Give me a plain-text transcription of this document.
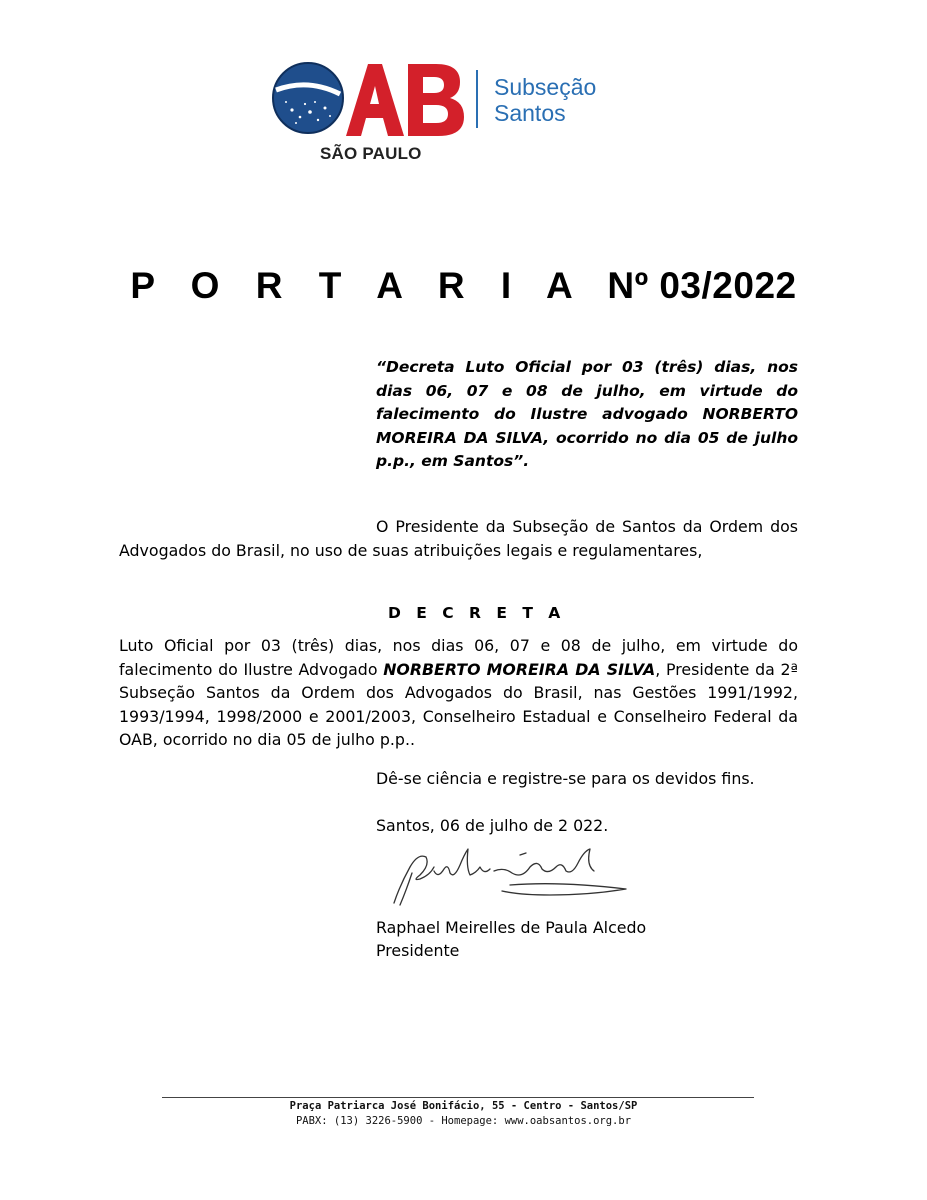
SÃO PAULO
Subseção
Santos
P O R T A R I A Nº 03/2022
“Decreta Luto Oficial por 03 (três) dias, nos dias 06, 07 e 08 de julho, em virtude do falecimento do Ilustre advogado NORBERTO MOREIRA DA SILVA, ocorrido no dia 05 de julho p.p., em Santos”.
O Presidente da Subseção de Santos da Ordem dos Advogados do Brasil, no uso de suas atribuições legais e regulamentares,
D E C R E T A
Luto Oficial por 03 (três) dias, nos dias 06, 07 e 08 de julho, em virtude do falecimento do Ilustre Advogado NORBERTO MOREIRA DA SILVA, Presidente da 2ª Subseção Santos da Ordem dos Advogados do Brasil, nas Gestões 1991/1992, 1993/1994, 1998/2000 e 2001/2003, Conselheiro Estadual e Conselheiro Federal da OAB, ocorrido no dia 05 de julho p.p..
Dê-se ciência e registre-se para os devidos fins.
Santos, 06 de julho de 2 022.
Raphael Meirelles de Paula Alcedo
Presidente
Praça Patriarca José Bonifácio, 55 - Centro - Santos/SP
PABX: (13) 3226-5900 - Homepage: www.oabsantos.org.br
